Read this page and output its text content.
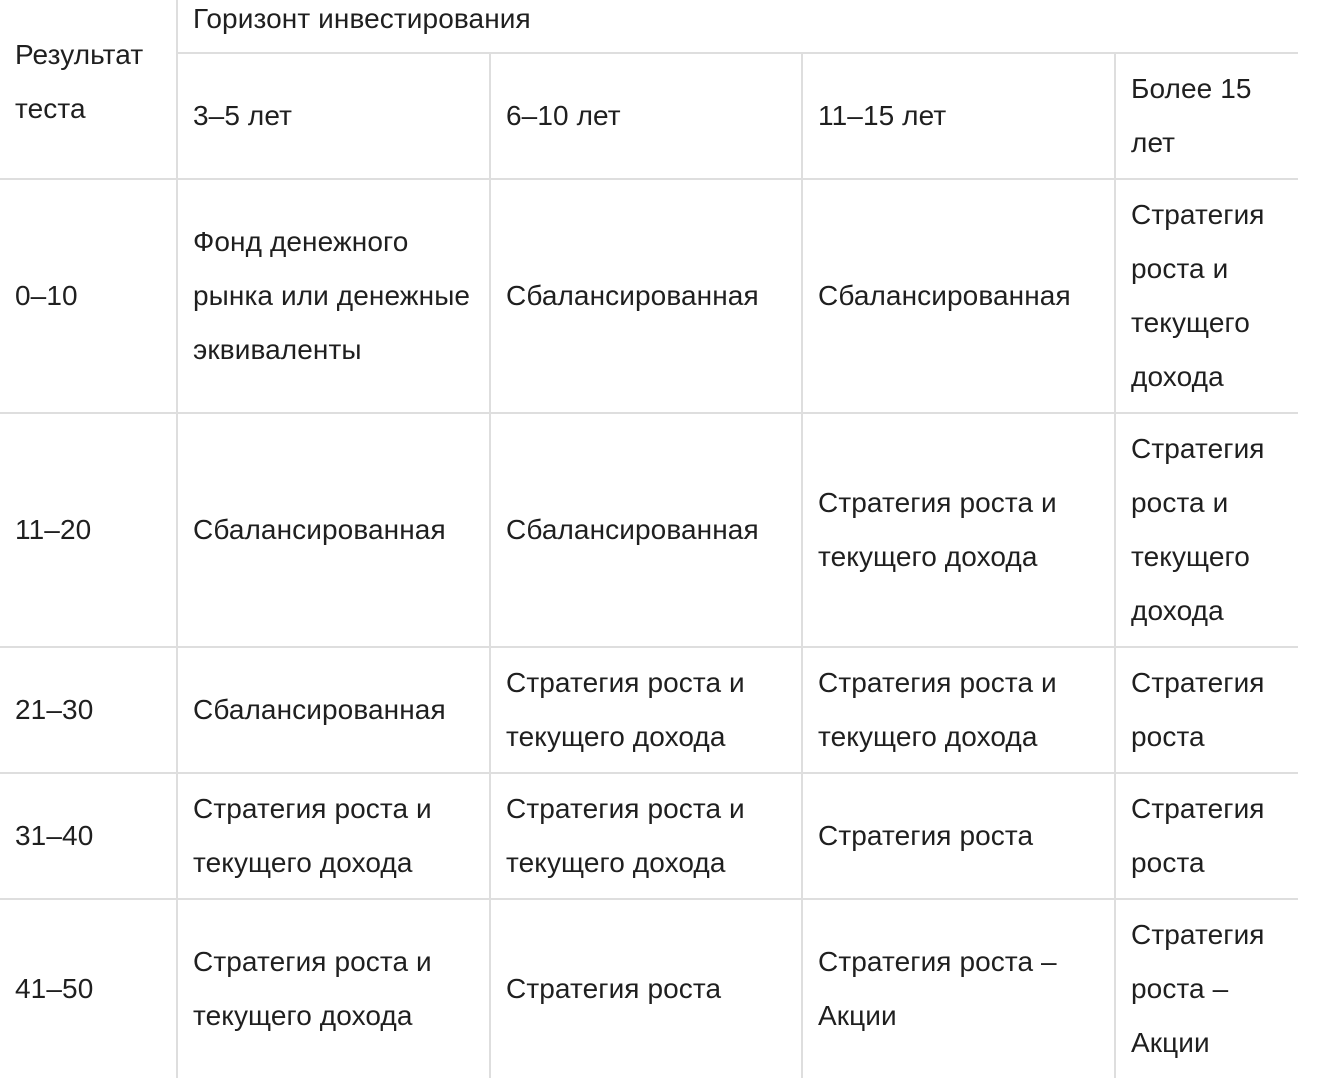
Результат теста	Горизонт инвестирования			
	3–5 лет	6–10 лет	11–15 лет	Более 15 лет
0–10	Фонд денежного рынка или денежные эквиваленты	Сбалансированная	Сбалансированная	Стратегия роста и текущего дохода
11–20	Сбалансированная	Сбалансированная	Стратегия роста и текущего дохода	Стратегия роста и текущего дохода
21–30	Сбалансированная	Стратегия роста и текущего дохода	Стратегия роста и текущего дохода	Стратегия роста
31–40	Стратегия роста и текущего дохода	Стратегия роста и текущего дохода	Стратегия роста	Стратегия роста
41–50	Стратегия роста и текущего дохода	Стратегия роста	Стратегия роста – Акции	Стратегия роста – Акции
